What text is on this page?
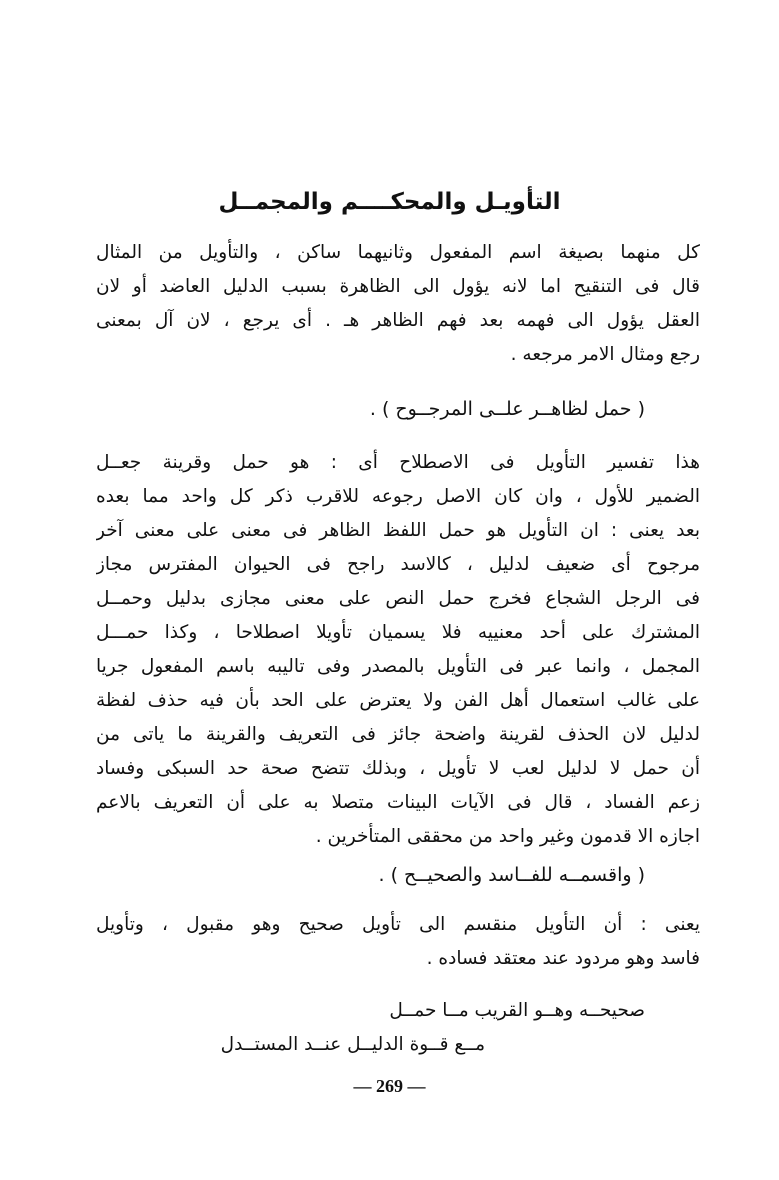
التأويـل والمحكــــم والمجمــل
كل منهما بصيغة اسم المفعول وثانيهما ساكن ، والتأويل من المثال
قال فى التنقيح اما لانه يؤول الى الظاهرة بسبب الدليل العاضد أو لان
العقل يؤول الى فهمه بعد فهم الظاهر هـ . أى يرجع ، لان آل بمعنى
رجع ومثال الامر مرجعه .
( حمل لظاهــر علــى المرجــوح ) .
هذا تفسير التأويل فى الاصطلاح أى : هو حمل وقرينة جعــل
الضمير للأول ، وان كان الاصل رجوعه للاقرب ذكر كل واحد مما بعده
بعد يعنى : ان التأويل هو حمل اللفظ الظاهر فى معنى على معنى آخر
مرجوح أى ضعيف لدليل ، كالاسد راجح فى الحيوان المفترس مجاز
فى الرجل الشجاع فخرج حمل النص على معنى مجازى بدليل وحمــل
المشترك على أحد معنييه فلا يسميان تأويلا اصطلاحا ، وكذا حمـــل
المجمل ، وانما عبر فى التأويل بالمصدر وفى تاليبه باسم المفعول جريا
على غالب استعمال أهل الفن ولا يعترض على الحد بأن فيه حذف لفظة
لدليل لان الحذف لقرينة واضحة جائز فى التعريف والقرينة ما ياتى من
أن حمل لا لدليل لعب لا تأويل ، وبذلك تتضح صحة حد السبكى وفساد
زعم الفساد ، قال فى الآيات البينات متصلا به على أن التعريف بالاعم
اجازه الا قدمون وغير واحد من محققى المتأخرين .
( واقسمــه للفــاسد والصحيــح ) .
يعنى : أن التأويل منقسم الى تأويل صحيح وهو مقبول ، وتأويل
فاسد وهو مردود عند معتقد فساده .
صحيحــه وهــو القريب مــا حمــل
مــع قــوة الدليــل عنــد المستــدل
— 269 —
